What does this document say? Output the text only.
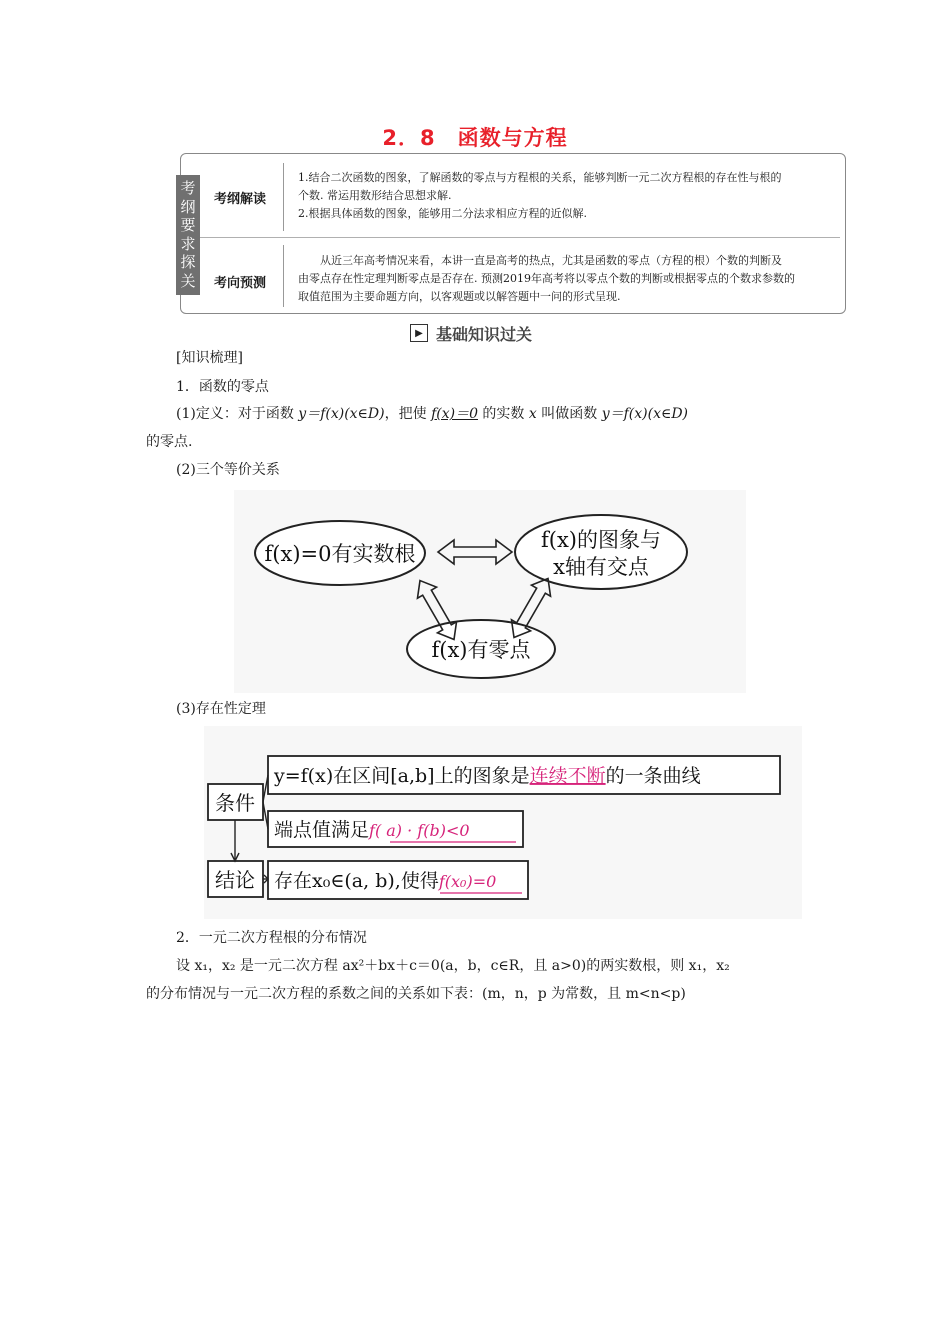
2．8　函数与方程
考
纲
要
求
探
关
考纲解读
考向预测
1.结合二次函数的图象，了解函数的零点与方程根的关系，能够判断一元二次方程根的存在性与根的
个数. 常运用数形结合思想求解.
2.根据具体函数的图象，能够用二分法求相应方程的近似解.
　　从近三年高考情况来看，本讲一直是高考的热点，尤其是函数的零点（方程的根）个数的判断及
由零点存在性定理判断零点是否存在. 预测2019年高考将以零点个数的判断或根据零点的个数求参数的
取值范围为主要命题方向，以客观题或以解答题中一问的形式呈现.
▶ 基础知识过关
[知识梳理]
1．函数的零点
(1)定义：对于函数 y＝f(x)(x∈D)，把使 f(x)＝0 的实数 x 叫做函数 y＝f(x)(x∈D)
的零点.
(2)三个等价关系
f(x)=0有实数根
f(x)的图象与
x轴有交点
f(x)有零点
(3)存在性定理
条件
结论
y=f(x)在区间[a,b]上的图象是连续不断的一条曲线
端点值满足f( a) · f(b)<0
存在x₀∈(a, b),使得f(x₀)=0
2．一元二次方程根的分布情况
设 x₁，x₂ 是一元二次方程 ax²＋bx＋c＝0(a，b，c∈R，且 a>0)的两实数根，则 x₁，x₂
的分布情况与一元二次方程的系数之间的关系如下表：(m，n，p 为常数，且 m<n<p)
